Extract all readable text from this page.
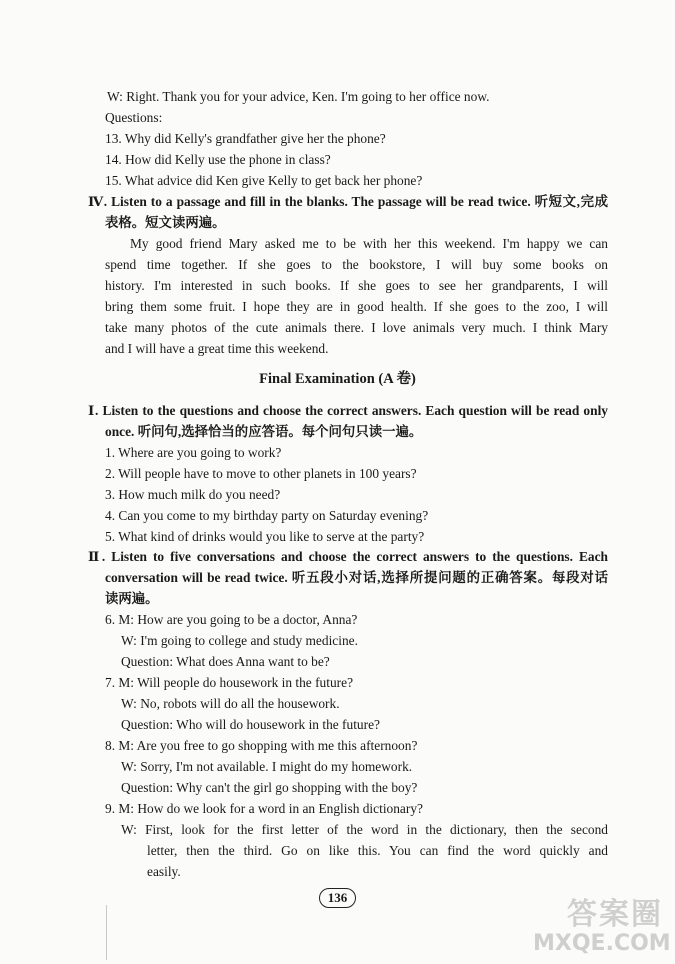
W: Right. Thank you for your advice, Ken. I'm going to her office now.
Questions:
13. Why did Kelly's grandfather give her the phone?
14. How did Kelly use the phone in class?
15. What advice did Ken give Kelly to get back her phone?
Ⅳ. Listen to a passage and fill in the blanks. The passage will be read twice. 听短文,完成
表格。短文读两遍。
My good friend Mary asked me to be with her this weekend. I'm happy we can
spend time together. If she goes to the bookstore, I will buy some books on
history. I'm interested in such books. If she goes to see her grandparents, I will
bring them some fruit. I hope they are in good health. If she goes to the zoo, I will
take many photos of the cute animals there. I love animals very much. I think Mary
and I will have a great time this weekend.
Final Examination (A 卷)
Ⅰ. Listen to the questions and choose the correct answers. Each question will be read only
once. 听问句,选择恰当的应答语。每个问句只读一遍。
1. Where are you going to work?
2. Will people have to move to other planets in 100 years?
3. How much milk do you need?
4. Can you come to my birthday party on Saturday evening?
5. What kind of drinks would you like to serve at the party?
Ⅱ. Listen to five conversations and choose the correct answers to the questions. Each
conversation will be read twice. 听五段小对话,选择所提问题的正确答案。每段对话
读两遍。
6. M: How are you going to be a doctor, Anna?
W: I'm going to college and study medicine.
Question: What does Anna want to be?
7. M: Will people do housework in the future?
W: No, robots will do all the housework.
Question: Who will do housework in the future?
8. M: Are you free to go shopping with me this afternoon?
W: Sorry, I'm not available. I might do my homework.
Question: Why can't the girl go shopping with the boy?
9. M: How do we look for a word in an English dictionary?
W: First, look for the first letter of the word in the dictionary, then the second
letter, then the third. Go on like this. You can find the word quickly and
easily.
136	答案圈
MXQE.COM
